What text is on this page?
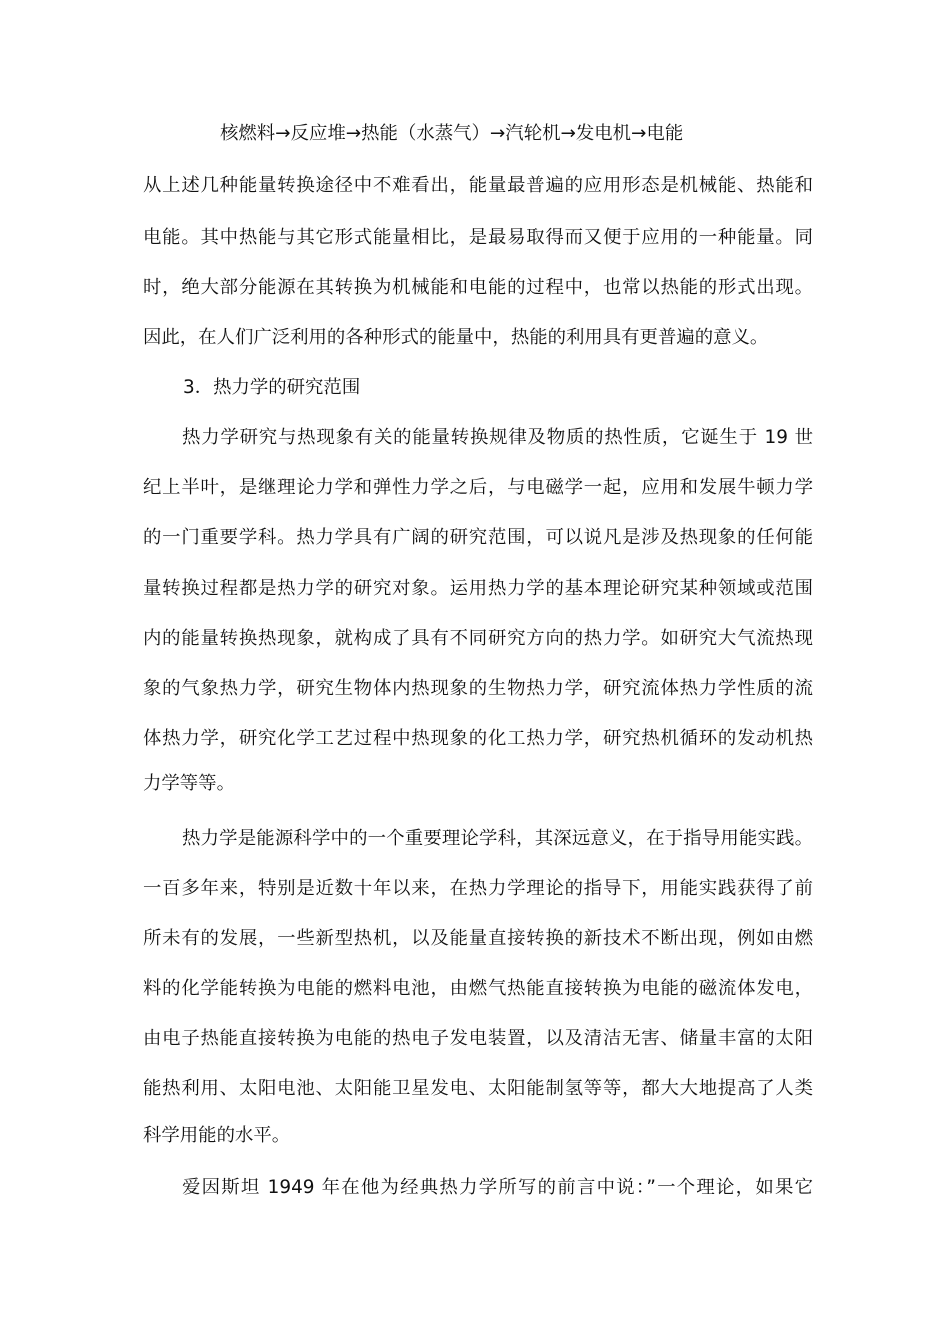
核燃料→反应堆→热能（水蒸气）→汽轮机→发电机→电能
从上述几种能量转换途径中不难看出，能量最普遍的应用形态是机械能、热能和
电能。其中热能与其它形式能量相比，是最易取得而又便于应用的一种能量。同
时，绝大部分能源在其转换为机械能和电能的过程中，也常以热能的形式出现。
因此，在人们广泛利用的各种形式的能量中，热能的利用具有更普遍的意义。
3．热力学的研究范围
热力学研究与热现象有关的能量转换规律及物质的热性质，它诞生于 19 世
纪上半叶，是继理论力学和弹性力学之后，与电磁学一起，应用和发展牛顿力学
的一门重要学科。热力学具有广阔的研究范围，可以说凡是涉及热现象的任何能
量转换过程都是热力学的研究对象。运用热力学的基本理论研究某种领域或范围
内的能量转换热现象，就构成了具有不同研究方向的热力学。如研究大气流热现
象的气象热力学，研究生物体内热现象的生物热力学，研究流体热力学性质的流
体热力学，研究化学工艺过程中热现象的化工热力学，研究热机循环的发动机热
力学等等。
热力学是能源科学中的一个重要理论学科，其深远意义，在于指导用能实践。
一百多年来，特别是近数十年以来，在热力学理论的指导下，用能实践获得了前
所未有的发展，一些新型热机，以及能量直接转换的新技术不断出现，例如由燃
料的化学能转换为电能的燃料电池，由燃气热能直接转换为电能的磁流体发电，
由电子热能直接转换为电能的热电子发电装置，以及清洁无害、储量丰富的太阳
能热利用、太阳电池、太阳能卫星发电、太阳能制氢等等，都大大地提高了人类
科学用能的水平。
爱因斯坦 1949 年在他为经典热力学所写的前言中说：”一个理论，如果它
